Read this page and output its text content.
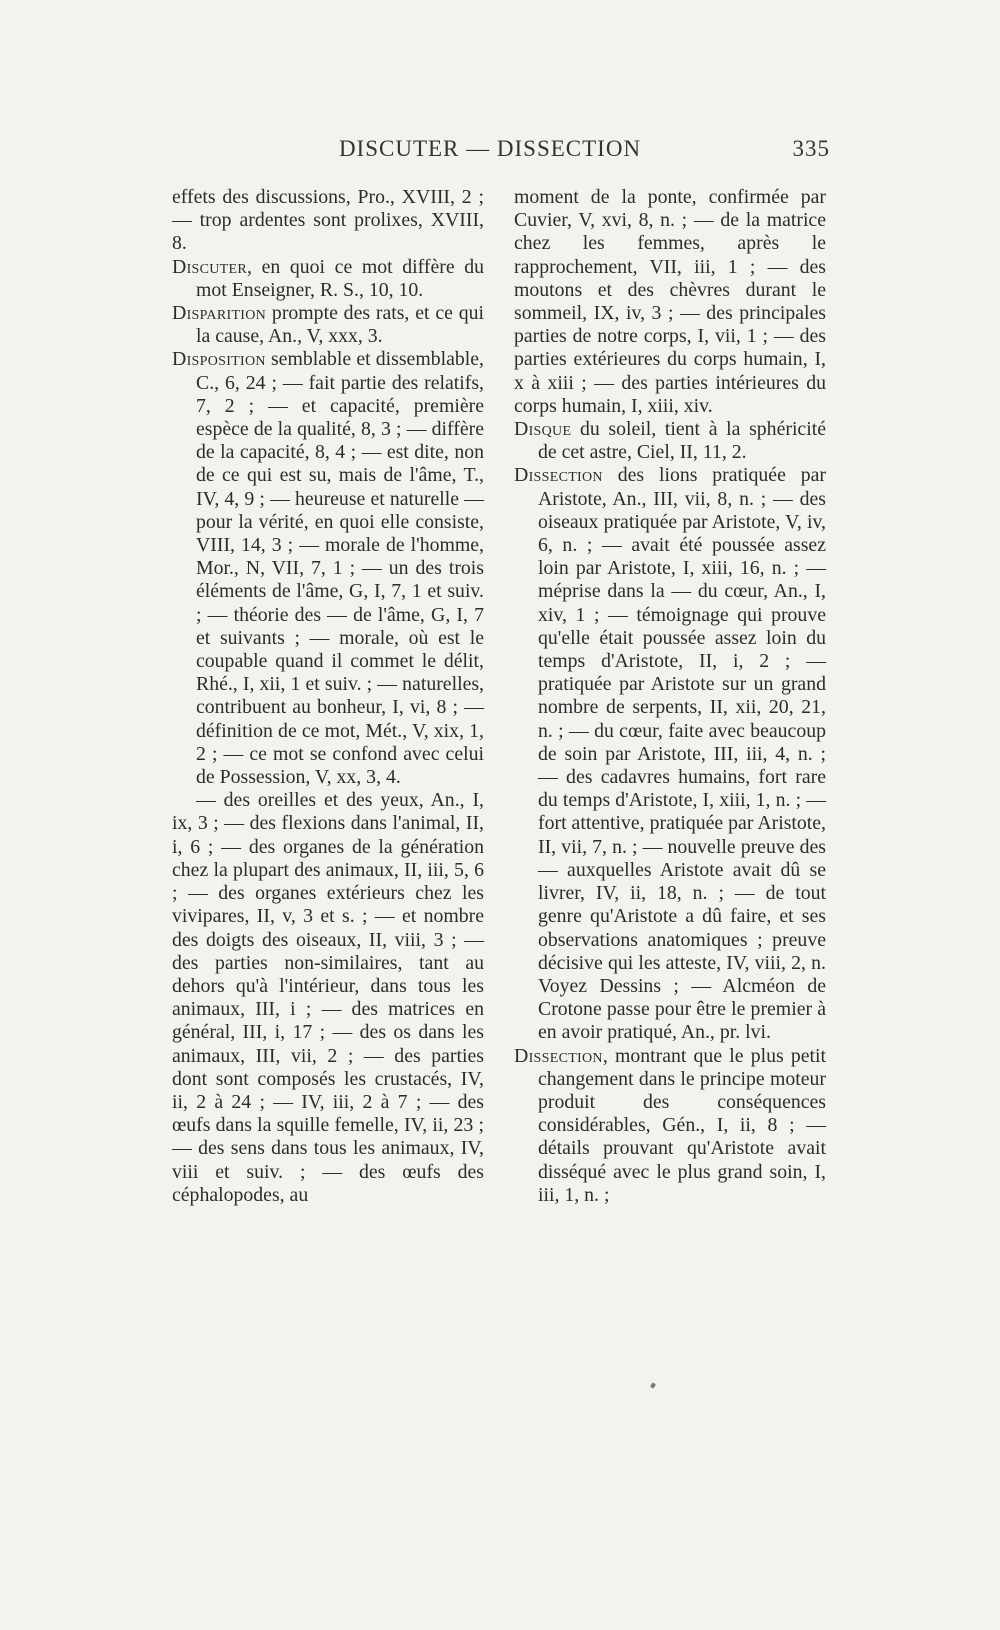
DISCUTER — DISSECTION	335

effets des discussions, Pro., XVIII, 2 ; — trop ardentes sont prolixes, XVIII, 8.

Discuter, en quoi ce mot diffère du mot Enseigner, R. S., 10, 10.

Disparition prompte des rats, et ce qui la cause, An., V, xxx, 3.

Disposition semblable et dissemblable, C., 6, 24 ; — fait partie des relatifs, 7, 2 ; — et capacité, première espèce de la qualité, 8, 3 ; — diffère de la capacité, 8, 4 ; — est dite, non de ce qui est su, mais de l'âme, T., IV, 4, 9 ; — heureuse et naturelle — pour la vérité, en quoi elle consiste, VIII, 14, 3 ; — morale de l'homme, Mor., N, VII, 7, 1 ; — un des trois éléments de l'âme, G, I, 7, 1 et suiv. ; — théorie des — de l'âme, G, I, 7 et suivants ; — morale, où est le coupable quand il commet le délit, Rhé., I, xii, 1 et suiv. ; — naturelles, contribuent au bonheur, I, vi, 8 ; — définition de ce mot, Mét., V, xix, 1, 2 ; — ce mot se confond avec celui de Possession, V, xx, 3, 4.

— des oreilles et des yeux, An., I, ix, 3 ; — des flexions dans l'animal, II, i, 6 ; — des organes de la génération chez la plupart des animaux, II, iii, 5, 6 ; — des organes extérieurs chez les vivipares, II, v, 3 et s. ; — et nombre des doigts des oiseaux, II, viii, 3 ; — des parties non-similaires, tant au dehors qu'à l'intérieur, dans tous les animaux, III, i ; — des matrices en général, III, i, 17 ; — des os dans les animaux, III, vii, 2 ; — des parties dont sont composés les crustacés, IV, ii, 2 à 24 ; — IV, iii, 2 à 7 ; — des œufs dans la squille femelle, IV, ii, 23 ; — des sens dans tous les animaux, IV, viii et suiv. ; — des œufs des céphalopodes, au

moment de la ponte, confirmée par Cuvier, V, xvi, 8, n. ; — de la matrice chez les femmes, après le rapprochement, VII, iii, 1 ; — des moutons et des chèvres durant le sommeil, IX, iv, 3 ; — des principales parties de notre corps, I, vii, 1 ; — des parties extérieures du corps humain, I, x à xiii ; — des parties intérieures du corps humain, I, xiii, xiv.

Disque du soleil, tient à la sphéricité de cet astre, Ciel, II, 11, 2.

Dissection des lions pratiquée par Aristote, An., III, vii, 8, n. ; — des oiseaux pratiquée par Aristote, V, iv, 6, n. ; — avait été poussée assez loin par Aristote, I, xiii, 16, n. ; — méprise dans la — du cœur, An., I, xiv, 1 ; — témoignage qui prouve qu'elle était poussée assez loin du temps d'Aristote, II, i, 2 ; — pratiquée par Aristote sur un grand nombre de serpents, II, xii, 20, 21, n. ; — du cœur, faite avec beaucoup de soin par Aristote, III, iii, 4, n. ; — des cadavres humains, fort rare du temps d'Aristote, I, xiii, 1, n. ; — fort attentive, pratiquée par Aristote, II, vii, 7, n. ; — nouvelle preuve des — auxquelles Aristote avait dû se livrer, IV, ii, 18, n. ; — de tout genre qu'Aristote a dû faire, et ses observations anatomiques ; preuve décisive qui les atteste, IV, viii, 2, n. Voyez Dessins ; — Alcméon de Crotone passe pour être le premier à en avoir pratiqué, An., pr. lvi.

Dissection, montrant que le plus petit changement dans le principe moteur produit des conséquences considérables, Gén., I, ii, 8 ; — détails prouvant qu'Aristote avait disséqué avec le plus grand soin, I, iii, 1, n. ;
